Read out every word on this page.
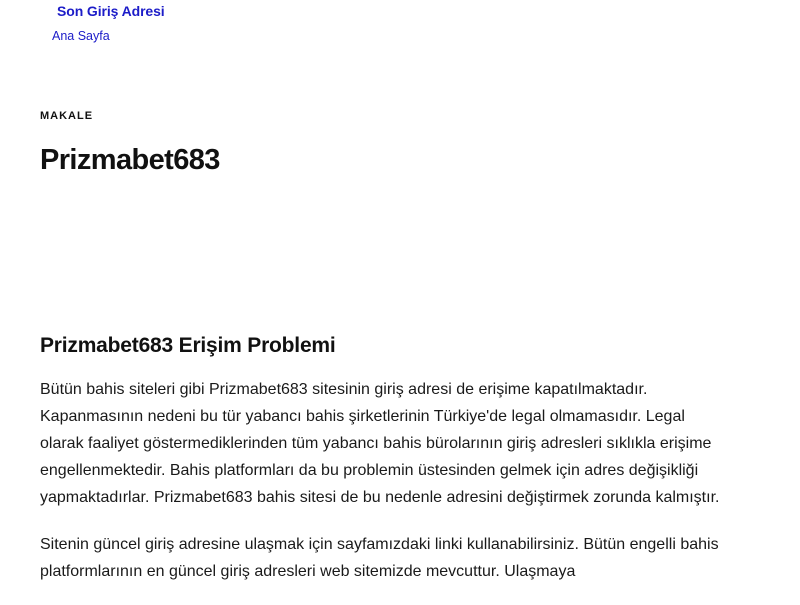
Son Giriş Adresi
Ana Sayfa
MAKALE
Prizmabet683
Prizmabet683 Erişim Problemi

Bütün bahis siteleri gibi Prizmabet683 sitesinin giriş adresi de erişime kapatılmaktadır. Kapanmasının nedeni bu tür yabancı bahis şirketlerinin Türkiye'de legal olmamasıdır. Legal olarak faaliyet göstermediklerinden tüm yabancı bahis bürolarının giriş adresleri sıklıkla erişime engellenmektedir. Bahis platformları da bu problemin üstesinden gelmek için adres değişikliği yapmaktadırlar. Prizmabet683 bahis sitesi de bu nedenle adresini değiştirmek zorunda kalmıştır.

Sitenin güncel giriş adresine ulaşmak için sayfamızdaki linki kullanabilirsiniz. Bütün engelli bahis platformlarının en güncel giriş adresleri web sitemizde mevcuttur. Ulaşmaya
